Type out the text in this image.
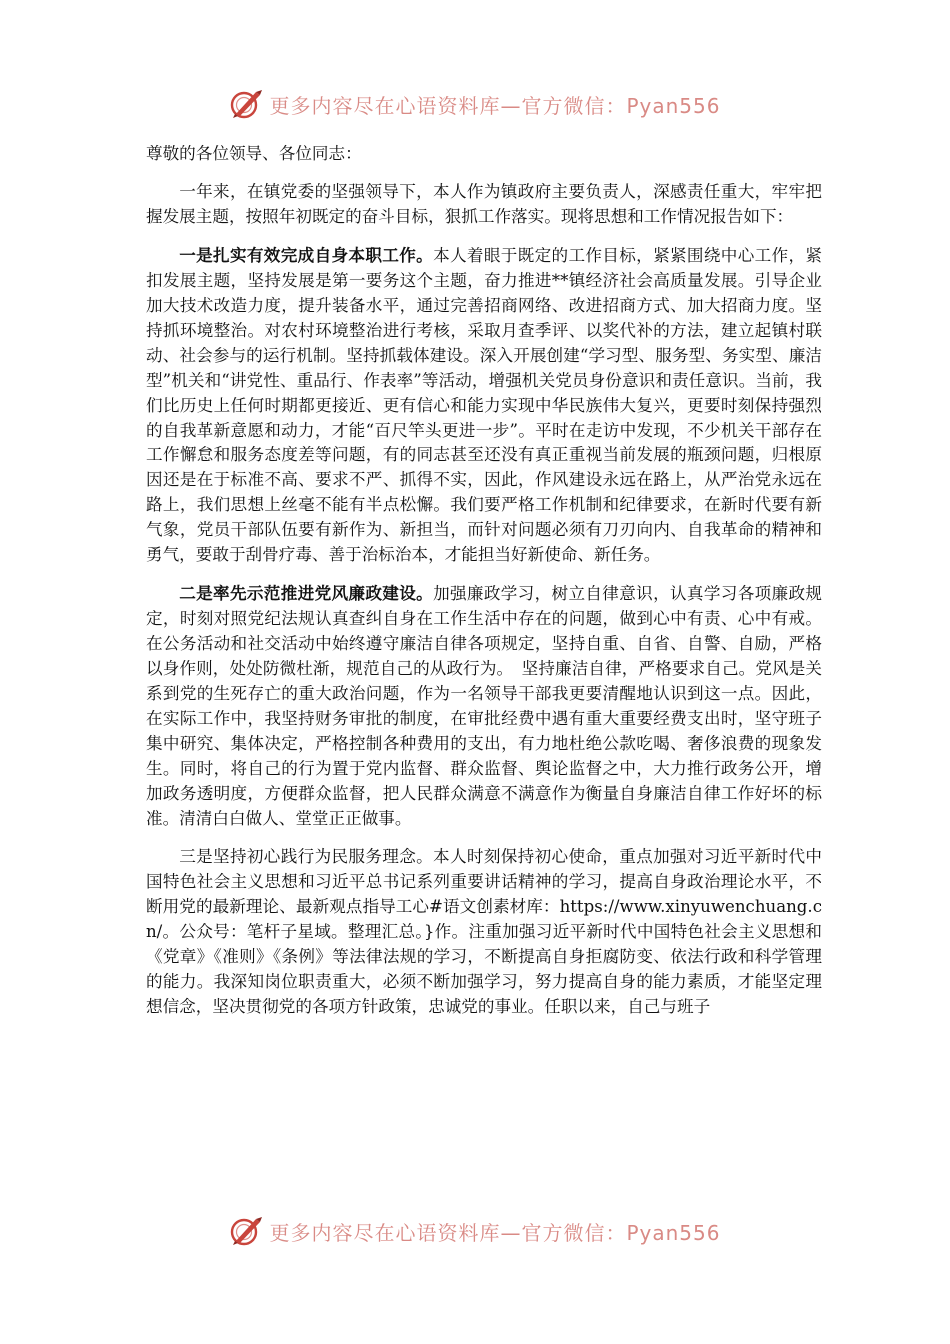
更多内容尽在心语资料库—官方微信：Pyan556

尊敬的各位领导、各位同志：

一年来，在镇党委的坚强领导下，本人作为镇政府主要负责人，深感责任重大，牢牢把握发展主题，按照年初既定的奋斗目标，狠抓工作落实。现将思想和工作情况报告如下：

一是扎实有效完成自身本职工作。本人着眼于既定的工作目标，紧紧围绕中心工作，紧扣发展主题，坚持发展是第一要务这个主题，奋力推进**镇经济社会高质量发展。引导企业加大技术改造力度，提升装备水平，通过完善招商网络、改进招商方式、加大招商力度。坚持抓环境整治。对农村环境整治进行考核，采取月查季评、以奖代补的方法，建立起镇村联动、社会参与的运行机制。坚持抓载体建设。深入开展创建“学习型、服务型、务实型、廉洁型”机关和“讲党性、重品行、作表率”等活动，增强机关党员身份意识和责任意识。当前，我们比历史上任何时期都更接近、更有信心和能力实现中华民族伟大复兴，更要时刻保持强烈的自我革新意愿和动力，才能“百尺竿头更进一步”。平时在走访中发现，不少机关干部存在工作懈怠和服务态度差等问题，有的同志甚至还没有真正重视当前发展的瓶颈问题，归根原因还是在于标准不高、要求不严、抓得不实，因此，作风建设永远在路上，从严治党永远在路上，我们思想上丝毫不能有半点松懈。我们要严格工作机制和纪律要求，在新时代要有新气象，党员干部队伍要有新作为、新担当，而针对问题必须有刀刃向内、自我革命的精神和勇气，要敢于刮骨疗毒、善于治标治本，才能担当好新使命、新任务。

二是率先示范推进党风廉政建设。加强廉政学习，树立自律意识，认真学习各项廉政规定，时刻对照党纪法规认真查纠自身在工作生活中存在的问题，做到心中有责、心中有戒。在公务活动和社交活动中始终遵守廉洁自律各项规定，坚持自重、自省、自警、自励，严格以身作则，处处防微杜渐，规范自己的从政行为。　坚持廉洁自律，严格要求自己。党风是关系到党的生死存亡的重大政治问题，作为一名领导干部我更要清醒地认识到这一点。因此，在实际工作中，我坚持财务审批的制度，在审批经费中遇有重大重要经费支出时，坚守班子集中研究、集体决定，严格控制各种费用的支出，有力地杜绝公款吃喝、奢侈浪费的现象发生。同时，将自己的行为置于党内监督、群众监督、舆论监督之中，大力推行政务公开，增加政务透明度，方便群众监督，把人民群众满意不满意作为衡量自身廉洁自律工作好坏的标准。清清白白做人、堂堂正正做事。

三是坚持初心践行为民服务理念。本人时刻保持初心使命，重点加强对习近平新时代中国特色社会主义思想和习近平总书记系列重要讲话精神的学习，提高自身政治理论水平，不断用党的最新理论、最新观点指导工心#语文创素材库：https://www.xinyuwenchuang.cn/。公众号：笔杆子星域。整理汇总。}作。注重加强习近平新时代中国特色社会主义思想和《党章》《准则》《条例》等法律法规的学习，不断提高自身拒腐防变、依法行政和科学管理的能力。我深知岗位职责重大，必须不断加强学习，努力提高自身的能力素质，才能坚定理想信念，坚决贯彻党的各项方针政策，忠诚党的事业。任职以来，自己与班子

更多内容尽在心语资料库—官方微信：Pyan556
